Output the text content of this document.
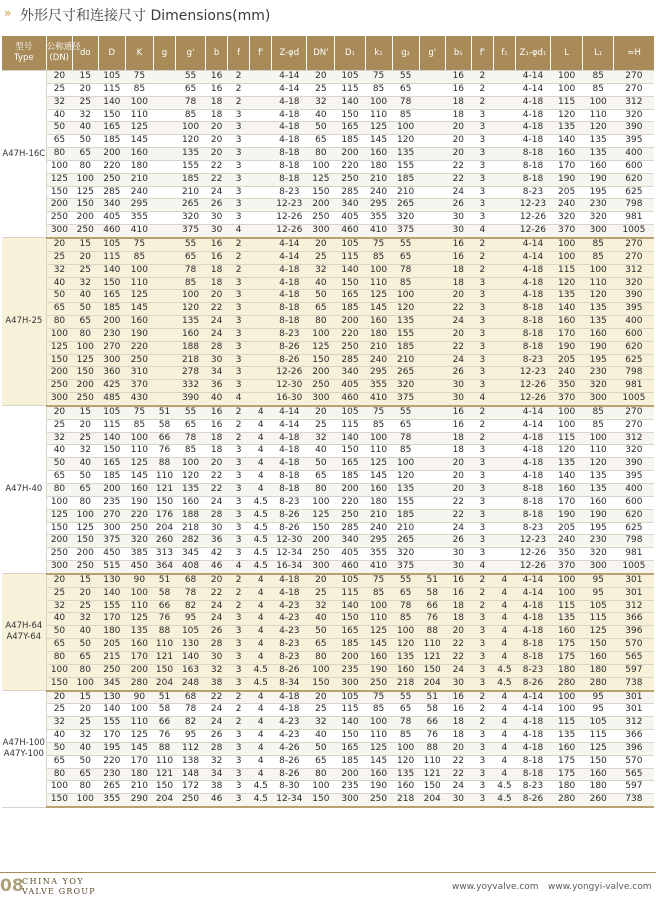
» 外形尺寸和连接尺寸 Dimensions(mm)
型号
Type	公称通径
(DN)	do	D	K	g	g'	b	f	f'	Z-φd	DN'	D₁	k₁	g₂	g'	b₁	f'	f₁	Z₁-φd₁	L	L₁	≈H
A47H-16C	20	15	105	75		55	16	2		4-14	20	105	75	55		16	2		4-14	100	85	270
	25	20	115	85		65	16	2		4-14	25	115	85	65		16	2		4-14	100	85	270
	32	25	140	100		78	18	2		4-18	32	140	100	78		18	2		4-18	115	100	312
	40	32	150	110		85	18	3		4-18	40	150	110	85		18	3		4-18	120	110	320
	50	40	165	125		100	20	3		4-18	50	165	125	100		20	3		4-18	135	120	390
	65	50	185	145		120	20	3		4-18	65	185	145	120		20	3		4-18	140	135	395
	80	65	200	160		135	20	3		8-18	80	200	160	135		20	3		8-18	160	135	400
	100	80	220	180		155	22	3		8-18	100	220	180	155		22	3		8-18	170	160	600
	125	100	250	210		185	22	3		8-18	125	250	210	185		22	3		8-18	190	190	620
	150	125	285	240		210	24	3		8-23	150	285	240	210		24	3		8-23	205	195	625
	200	150	340	295		265	26	3		12-23	200	340	295	265		26	3		12-23	240	230	798
	250	200	405	355		320	30	3		12-26	250	405	355	320		30	3		12-26	320	320	981
	300	250	460	410		375	30	4		12-26	300	460	410	375		30	4		12-26	370	300	1005
A47H-25	20	15	105	75		55	16	2		4-14	20	105	75	55		16	2		4-14	100	85	270
	25	20	115	85		65	16	2		4-14	25	115	85	65		16	2		4-14	100	85	270
	32	25	140	100		78	18	2		4-18	32	140	100	78		18	2		4-18	115	100	312
	40	32	150	110		85	18	3		4-18	40	150	110	85		18	3		4-18	120	110	320
	50	40	165	125		100	20	3		4-18	50	165	125	100		20	3		4-18	135	120	390
	65	50	185	145		120	22	3		8-18	65	185	145	120		22	3		8-18	140	135	395
	80	65	200	160		135	24	3		8-18	80	200	160	135		24	3		8-18	160	135	400
	100	80	230	190		160	24	3		8-23	100	220	180	155		20	3		8-18	170	160	600
	125	100	270	220		188	28	3		8-26	125	250	210	185		22	3		8-18	190	190	620
	150	125	300	250		218	30	3		8-26	150	285	240	210		24	3		8-23	205	195	625
	200	150	360	310		278	34	3		12-26	200	340	295	265		26	3		12-23	240	230	798
	250	200	425	370		332	36	3		12-30	250	405	355	320		30	3		12-26	350	320	981
	300	250	485	430		390	40	4		16-30	300	460	410	375		30	4		12-26	370	300	1005
A47H-40	20	15	105	75	51	55	16	2	4	4-14	20	105	75	55		16	2		4-14	100	85	270
	25	20	115	85	58	65	16	2	4	4-14	25	115	85	65		16	2		4-14	100	85	270
	32	25	140	100	66	78	18	2	4	4-18	32	140	100	78		18	2		4-18	115	100	312
	40	32	150	110	76	85	18	3	4	4-18	40	150	110	85		18	3		4-18	120	110	320
	50	40	165	125	88	100	20	3	4	4-18	50	165	125	100		20	3		4-18	135	120	390
	65	50	185	145	110	120	22	3	4	8-18	65	185	145	120		20	3		4-18	140	135	395
	80	65	200	160	121	135	22	3	4	8-18	80	200	160	135		20	3		8-18	160	135	400
	100	80	235	190	150	160	24	3	4.5	8-23	100	220	180	155		22	3		8-18	170	160	600
	125	100	270	220	176	188	28	3	4.5	8-26	125	250	210	185		22	3		8-18	190	190	620
	150	125	300	250	204	218	30	3	4.5	8-26	150	285	240	210		24	3		8-23	205	195	625
	200	150	375	320	260	282	36	3	4.5	12-30	200	340	295	265		26	3		12-23	240	230	798
	250	200	450	385	313	345	42	3	4.5	12-34	250	405	355	320		30	3		12-26	350	320	981
	300	250	515	450	364	408	46	4	4.5	16-34	300	460	410	375		30	4		12-26	370	300	1005
A47H-64
A47Y-64	20	15	130	90	51	68	20	2	4	4-18	20	105	75	55	51	16	2	4	4-14	100	95	301
	25	20	140	100	58	78	22	2	4	4-18	25	115	85	65	58	16	2	4	4-14	100	95	301
	32	25	155	110	66	82	24	2	4	4-23	32	140	100	78	66	18	2	4	4-18	115	105	312
	40	32	170	125	76	95	24	3	4	4-23	40	150	110	85	76	18	3	4	4-18	135	115	366
	50	40	180	135	88	105	26	3	4	4-23	50	165	125	100	88	20	3	4	4-18	160	125	396
	65	50	205	160	110	130	28	3	4	8-23	65	185	145	120	110	22	3	4	8-18	175	150	570
	80	65	215	170	121	140	30	3	4	8-23	80	200	160	135	121	22	3	4	8-18	175	160	565
	100	80	250	200	150	163	32	3	4.5	8-26	100	235	190	160	150	24	3	4.5	8-23	180	180	597
	150	100	345	280	204	248	38	3	4.5	8-34	150	300	250	218	204	30	3	4.5	8-26	280	280	738
A47H-100
A47Y-100	20	15	130	90	51	68	22	2	4	4-18	20	105	75	55	51	16	2	4	4-14	100	95	301
	25	20	140	100	58	78	24	2	4	4-18	25	115	85	65	58	16	2	4	4-14	100	95	301
	32	25	155	110	66	82	24	2	4	4-23	32	140	100	78	66	18	2	4	4-18	115	105	312
	40	32	170	125	76	95	26	3	4	4-23	40	150	110	85	76	18	3	4	4-18	135	115	366
	50	40	195	145	88	112	28	3	4	4-26	50	165	125	100	88	20	3	4	4-18	160	125	396
	65	50	220	170	110	138	32	3	4	8-26	65	185	145	120	110	22	3	4	8-18	175	150	570
	80	65	230	180	121	148	34	3	4	8-26	80	200	160	135	121	22	3	4	8-18	175	160	565
	100	80	265	210	150	172	38	3	4.5	8-30	100	235	190	160	150	24	3	4.5	8-23	180	180	597
	150	100	355	290	204	250	46	3	4.5	12-34	150	300	250	218	204	30	3	4.5	8-26	280	260	738
08
CHINA YOY
VALVE GROUP	www.yoyvalve.com www.yongyi-valve.com
